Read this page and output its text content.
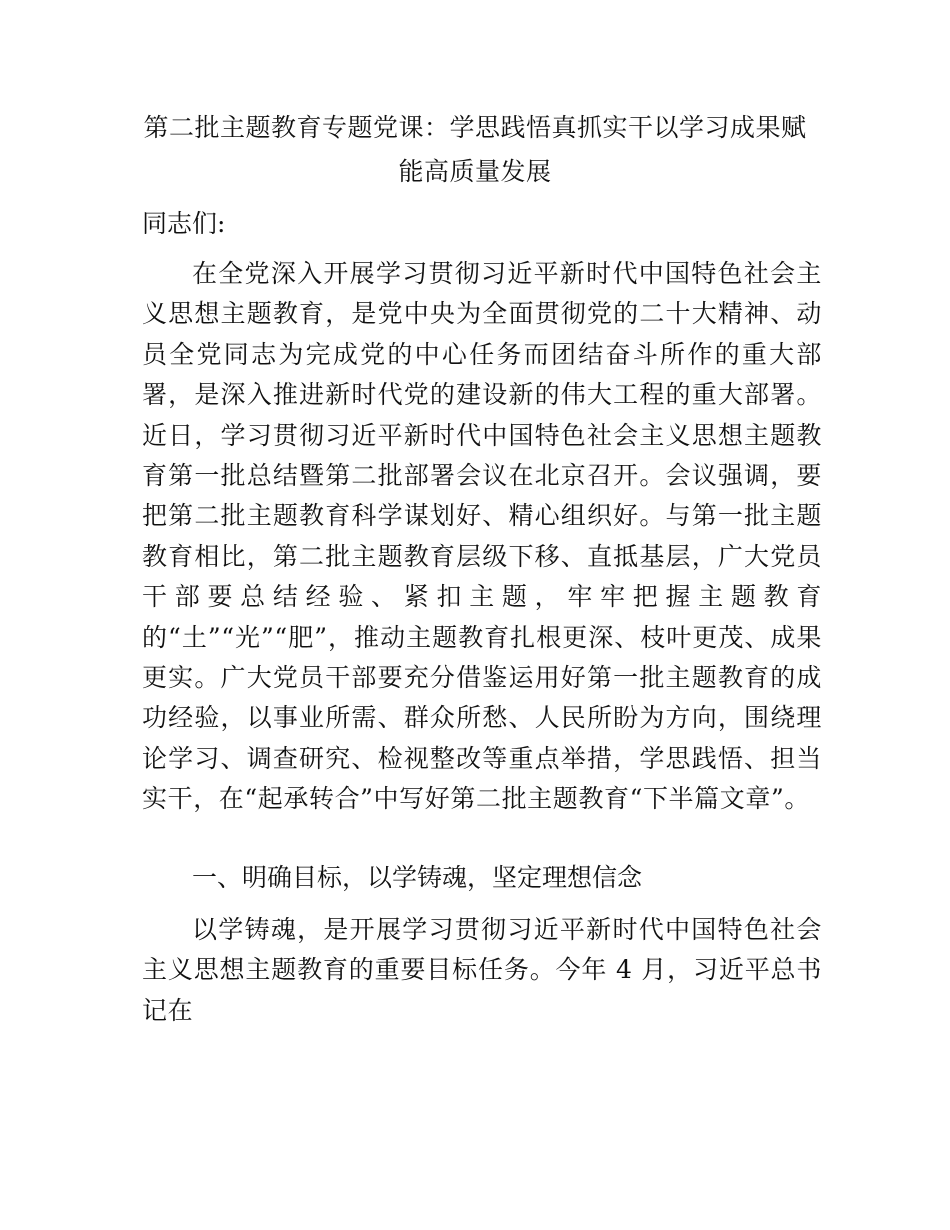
第二批主题教育专题党课：学思践悟真抓实干以学习成果赋能高质量发展

同志们:

在全党深入开展学习贯彻习近平新时代中国特色社会主义思想主题教育，是党中央为全面贯彻党的二十大精神、动员全党同志为完成党的中心任务而团结奋斗所作的重大部署，是深入推进新时代党的建设新的伟大工程的重大部署。近日，学习贯彻习近平新时代中国特色社会主义思想主题教育第一批总结暨第二批部署会议在北京召开。会议强调，要把第二批主题教育科学谋划好、精心组织好。与第一批主题教育相比，第二批主题教育层级下移、直抵基层，广大党员干部要总结经验、紧扣主题，牢牢把握主题教育的“土”“光”“肥”，推动主题教育扎根更深、枝叶更茂、成果更实。广大党员干部要充分借鉴运用好第一批主题教育的成功经验，以事业所需、群众所愁、人民所盼为方向，围绕理论学习、调查研究、检视整改等重点举措，学思践悟、担当实干，在“起承转合”中写好第二批主题教育“下半篇文章”。

一、明确目标，以学铸魂，坚定理想信念

以学铸魂，是开展学习贯彻习近平新时代中国特色社会主义思想主题教育的重要目标任务。今年 4 月，习近平总书记在
